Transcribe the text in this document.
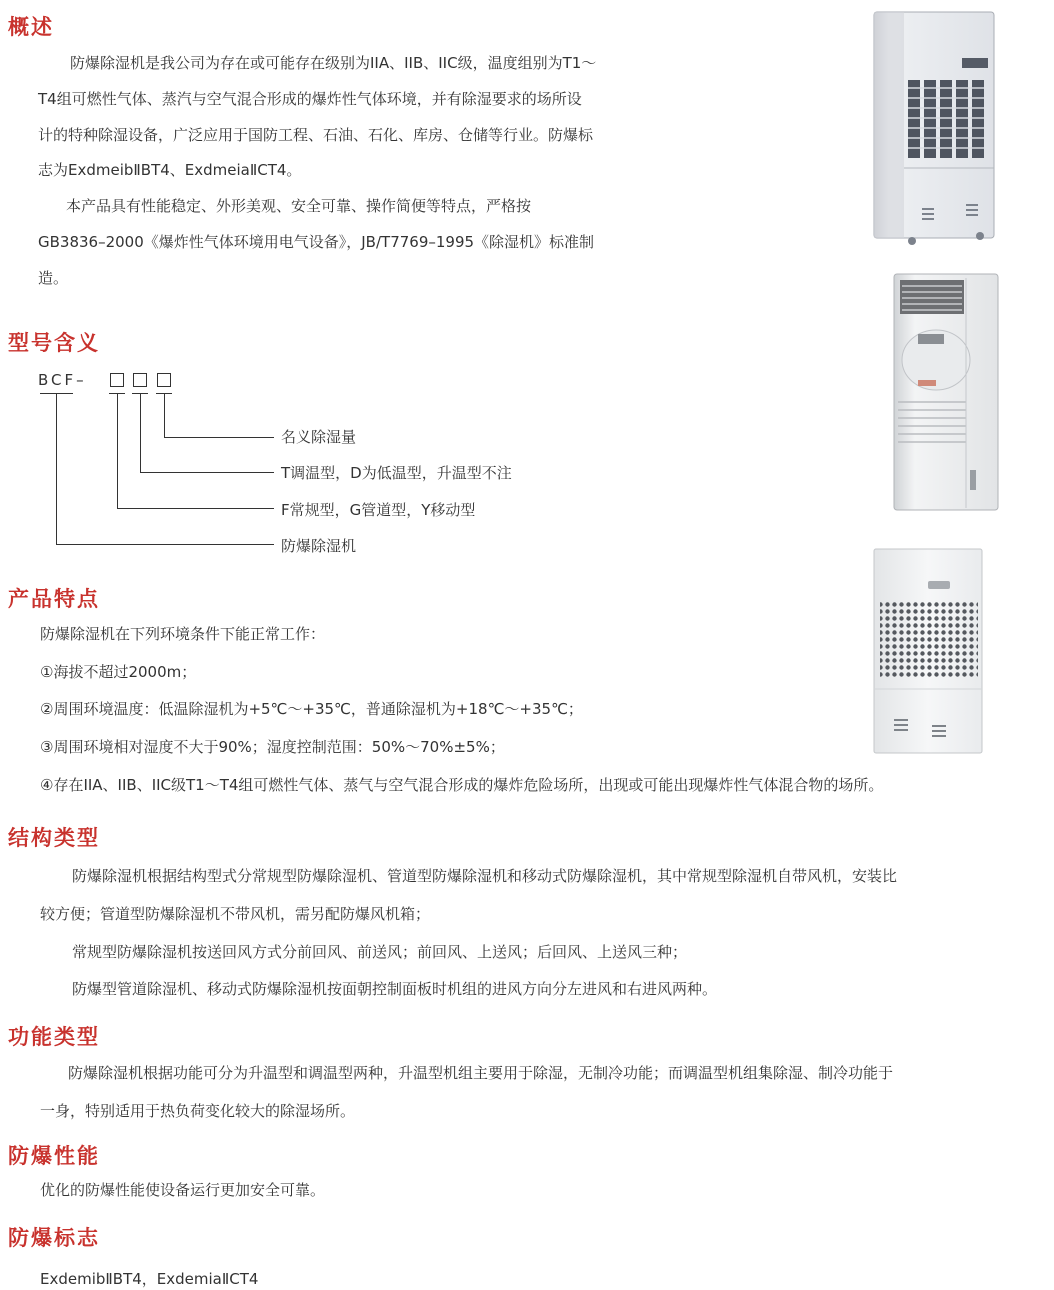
概述
防爆除湿机是我公司为存在或可能存在级别为IIA、IIB、IIC级，温度组别为T1～
T4组可燃性气体、蒸汽与空气混合形成的爆炸性气体环境，并有除湿要求的场所设
计的特种除湿设备，广泛应用于国防工程、石油、石化、库房、仓储等行业。防爆标
志为ExdmeibⅡBT4、ExdmeiaⅡCT4。
本产品具有性能稳定、外形美观、安全可靠、操作简便等特点，严格按
GB3836–2000《爆炸性气体环境用电气设备》，JB/T7769–1995《除湿机》标准制
造。
型号含义
BCF–
名义除湿量
T调温型，D为低温型，升温型不注
F常规型，G管道型，Y移动型
防爆除湿机
产品特点
防爆除湿机在下列环境条件下能正常工作：
①海拔不超过2000m；
②周围环境温度：低温除湿机为+5℃～+35℃，普通除湿机为+18℃～+35℃；
③周围环境相对湿度不大于90%；湿度控制范围：50%～70%±5%；
④存在IIA、IIB、IIC级T1～T4组可燃性气体、蒸气与空气混合形成的爆炸危险场所，出现或可能出现爆炸性气体混合物的场所。
结构类型
防爆除湿机根据结构型式分常规型防爆除湿机、管道型防爆除湿机和移动式防爆除湿机，其中常规型除湿机自带风机，安装比
较方便；管道型防爆除湿机不带风机，需另配防爆风机箱；
常规型防爆除湿机按送回风方式分前回风、前送风；前回风、上送风；后回风、上送风三种；
防爆型管道除湿机、移动式防爆除湿机按面朝控制面板时机组的进风方向分左进风和右进风两种。
功能类型
防爆除湿机根据功能可分为升温型和调温型两种，升温型机组主要用于除湿，无制冷功能；而调温型机组集除湿、制冷功能于
一身，特别适用于热负荷变化较大的除湿场所。
防爆性能
优化的防爆性能使设备运行更加安全可靠。
防爆标志
ExdemibⅡBT4，ExdemiaⅡCT4
